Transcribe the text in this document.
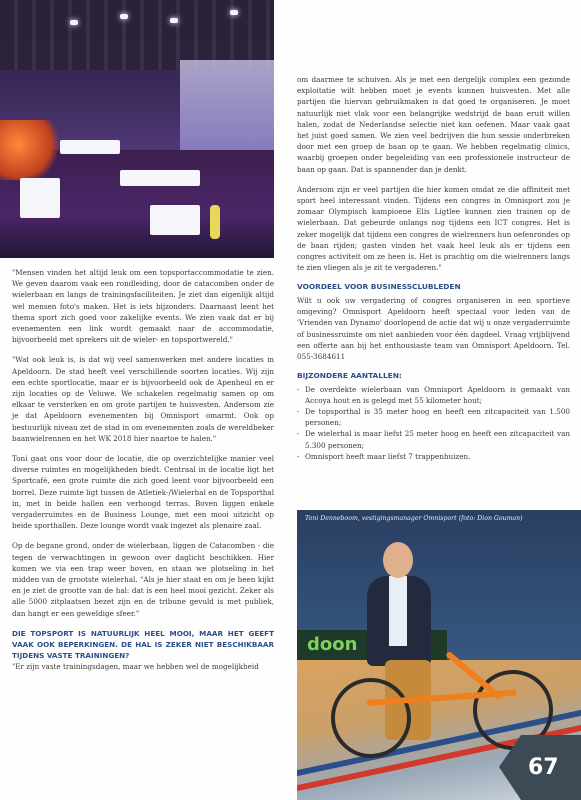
"Mensen vinden het altijd leuk om een topsportaccommodatie te zien. We geven daarom vaak een rondleiding, door de catacomben onder de wielerbaan en langs de trainingsfaciliteiten. Je ziet dan eigenlijk altijd wel mensen foto's maken. Het is iets bijzonders. Daarnaast leent het thema sport zich goed voor zakelijke events. We zien vaak dat er bij evenementen een link wordt gemaakt naar de accommodatie, bijvoorbeeld met sprekers uit de wieler- en topsportwereld."

"Wat ook leuk is, is dat wij veel samenwerken met andere locaties in Apeldoorn. De stad heeft veel verschillende soorten locaties. Wij zijn een echte sportlocatie, maar er is bijvoorbeeld ook de Apenheul en er zijn locaties op de Veluwe. We schakelen regelmatig samen op om elkaar te versterken en om grote partijen te huisvesten. Andersom zie je dat Apeldoorn evenementen bij Omnisport omarmt. Ook op bestuurlijk niveau zet de stad in om evenementen zoals de wereldbeker baanwielrennen en het WK 2018 hier naartoe te halen."

Toni gaat ons voor door de locatie, die op overzichtelijke manier veel diverse ruimtes en mogelijkheden biedt. Centraal in de locatie ligt het Sportcafé, een grote ruimte die zich goed leent voor bijvoorbeeld een borrel. Deze ruimte ligt tussen de Atletiek-/Wielerhal en de Topsporthal in, met in beide hallen een verhoogd terras. Boven liggen enkele vergaderruimtes en de Business Lounge, met een mooi uitzicht op beide sporthallen. Deze lounge wordt vaak ingezet als plenaire zaal.

Op de begane grond, onder de wielerbaan, liggen de Catacomben - die tegen de verwachtingen in gewoon over daglicht beschikken. Hier komen we via een trap weer boven, en staan we plotseling in het midden van de grootste wielerhal. "Als je hier staat en om je heen kijkt en je ziet de grootte van de hal: dat is een heel mooi gezicht. Zeker als alle 5000 zitplaatsen bezet zijn en de tribune gevuld is met publiek, dan hangt er een geweldige sfeer."

DIE TOPSPORT IS NATUURLIJK HEEL MOOI, MAAR HET GEEFT VAAK OOK BEPERKINGEN. DE HAL IS ZEKER NIET BESCHIKBAAR TIJDENS VASTE TRAININGEN?

"Er zijn vaste trainingsdagen, maar we hebben wel de mogelijkheid

om daarmee te schuiven. Als je met een dergelijk complex een gezonde exploitatie wilt hebben moet je events kunnen huisvesten. Met alle partijen die hiervan gebruikmaken is dat goed te organiseren. Je moet natuurlijk niet vlak voor een belangrijke wedstrijd de baan eruit willen halen, zodat de Nederlandse selectie niet kan oefenen. Maar vaak gaat het juist goed samen. We zien veel bedrijven die hun sessie onderbreken door met een groep de baan op te gaan. We hebben regelmatig clinics, waarbij groepen onder begeleiding van een professionele instructeur de baan op gaan. Dat is spannender dan je denkt.

Andersom zijn er veel partijen die hier komen omdat ze die affiniteit met sport heel interessant vinden. Tijdens een congres in Omnisport zou je zomaar Olympisch kampioene Elis Ligtlee kunnen zien trainen op de wielerbaan. Dat gebeurde onlangs nog tijdens een ICT congres. Het is zeker mogelijk dat tijdens een congres de wielrenners hun oefenrondes op de baan rijden; gasten vinden het vaak heel leuk als er tijdens een congres activiteit om ze heen is. Het is prachtig om die wielrenners langs te zien vliegen als je zit te vergaderen."

VOORDEEL VOOR BUSINESSCLUBLEDEN

Wilt u ook uw vergadering of congres organiseren in een sportieve omgeving? Omnisport Apeldoorn heeft speciaal voor leden van de 'Vrienden van Dynamo' doorlopend de actie dat wij u onze vergaderruimte of businessruimte om niet aanbieden voor één dagdeel. Vraag vrijblijvend een offerte aan bij het enthousiaste team van Omnisport Apeldoorn. Tel. 055-3684611

BIJZONDERE AANTALLEN:
- De overdekte wielerbaan van Omnisport Apeldoorn is gemaakt van Accoya hout en is gelegd met 55 kilometer hout;
- De topsporthal is 35 meter hoog en heeft een zitcapaciteit van 1.500 personen;
- De wielerhal is maar liefst 25 meter hoog en heeft een zitcapaciteit van 5.300 personen;
- Omnisport heeft maar liefst 7 trappenhuizen.
Toni Denneboom, vestigingsmanager Omnisport (foto: Dion Gouman)
doon
67
